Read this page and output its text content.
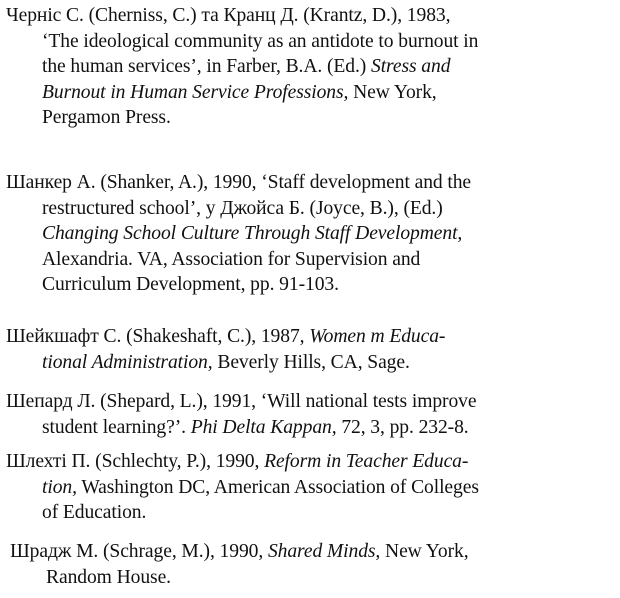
Черніс С. (Cherniss, C.) та Кранц Д. (Krantz, D.), 1983,
‘The ideological community as an antidote to burnout in
the human services’, in Farber, B.A. (Ed.) Stress and
Burnout in Human Service Professions, New York,
Pergamon Press.
Шанкер А. (Shanker, A.), 1990, ‘Staff development and the
restructured school’, у Джойса Б. (Joyce, B.), (Ed.)
Changing School Culture Through Staff Development,
Alexandria. VA, Association for Supervision and
Curriculum Development, pp. 91-103.
Шейкшафт С. (Shakeshaft, C.), 1987, Women m Educa-
tional Administration, Beverly Hills, CA, Sage.
Шепард Л. (Shepard, L.), 1991, ‘Will national tests improve
student learning?’. Phi Delta Kappan, 72, 3, pp. 232-8.
Шлехті П. (Schlechty, P.), 1990, Reform in Teacher Educa-
tion, Washington DC, American Association of Colleges
of Education.
Шрадж М. (Schrage, M.), 1990, Shared Minds, New York,
Random House.
